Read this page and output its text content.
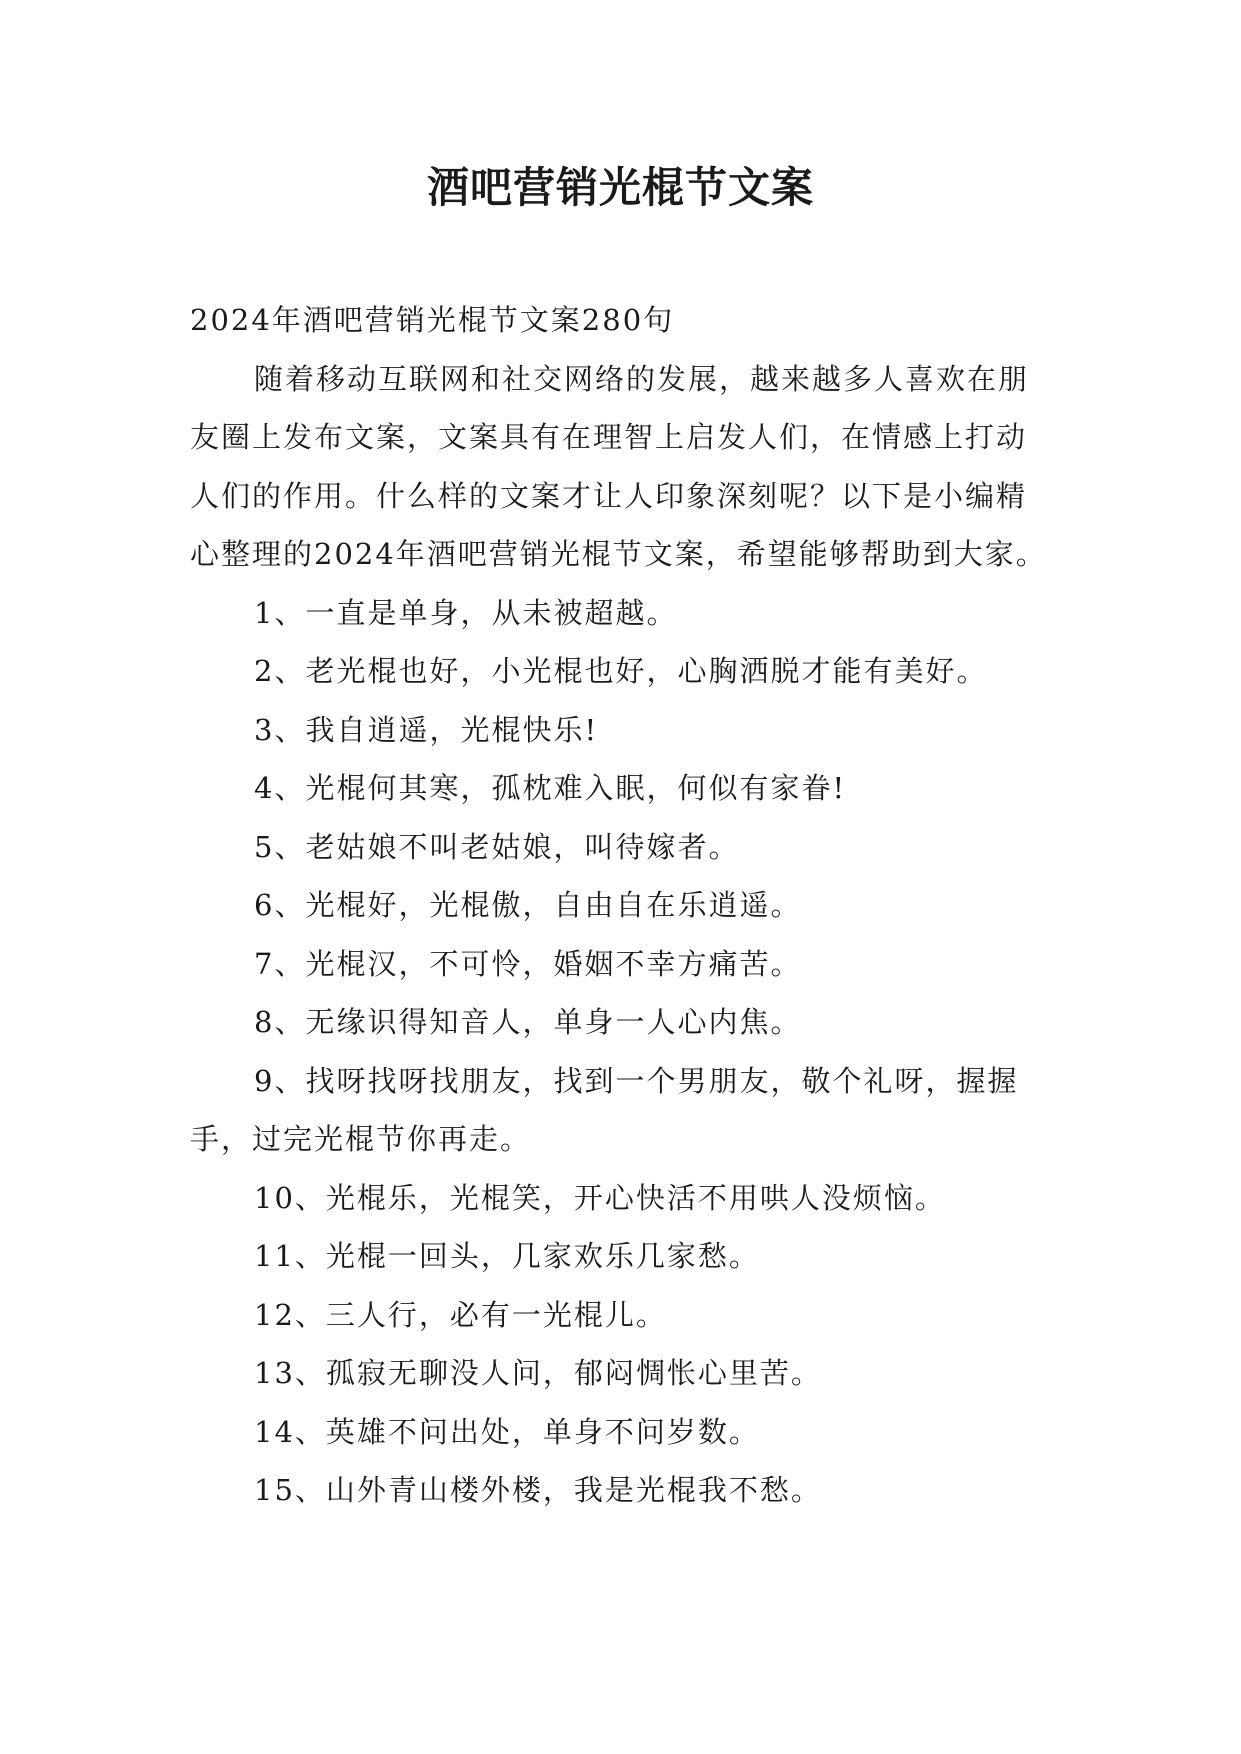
酒吧营销光棍节文案

2024年酒吧营销光棍节文案280句

随着移动互联网和社交网络的发展，越来越多人喜欢在朋友圈上发布文案，文案具有在理智上启发人们，在情感上打动人们的作用。什么样的文案才让人印象深刻呢？以下是小编精心整理的2024年酒吧营销光棍节文案，希望能够帮助到大家。

1、一直是单身，从未被超越。

2、老光棍也好，小光棍也好，心胸洒脱才能有美好。

3、我自逍遥，光棍快乐!

4、光棍何其寒，孤枕难入眠，何似有家眷!

5、老姑娘不叫老姑娘，叫待嫁者。

6、光棍好，光棍傲，自由自在乐逍遥。

7、光棍汉，不可怜，婚姻不幸方痛苦。

8、无缘识得知音人，单身一人心内焦。

9、找呀找呀找朋友，找到一个男朋友，敬个礼呀，握握手，过完光棍节你再走。

10、光棍乐，光棍笑，开心快活不用哄人没烦恼。

11、光棍一回头，几家欢乐几家愁。

12、三人行，必有一光棍儿。

13、孤寂无聊没人问，郁闷惆怅心里苦。

14、英雄不问出处，单身不问岁数。

15、山外青山楼外楼，我是光棍我不愁。
